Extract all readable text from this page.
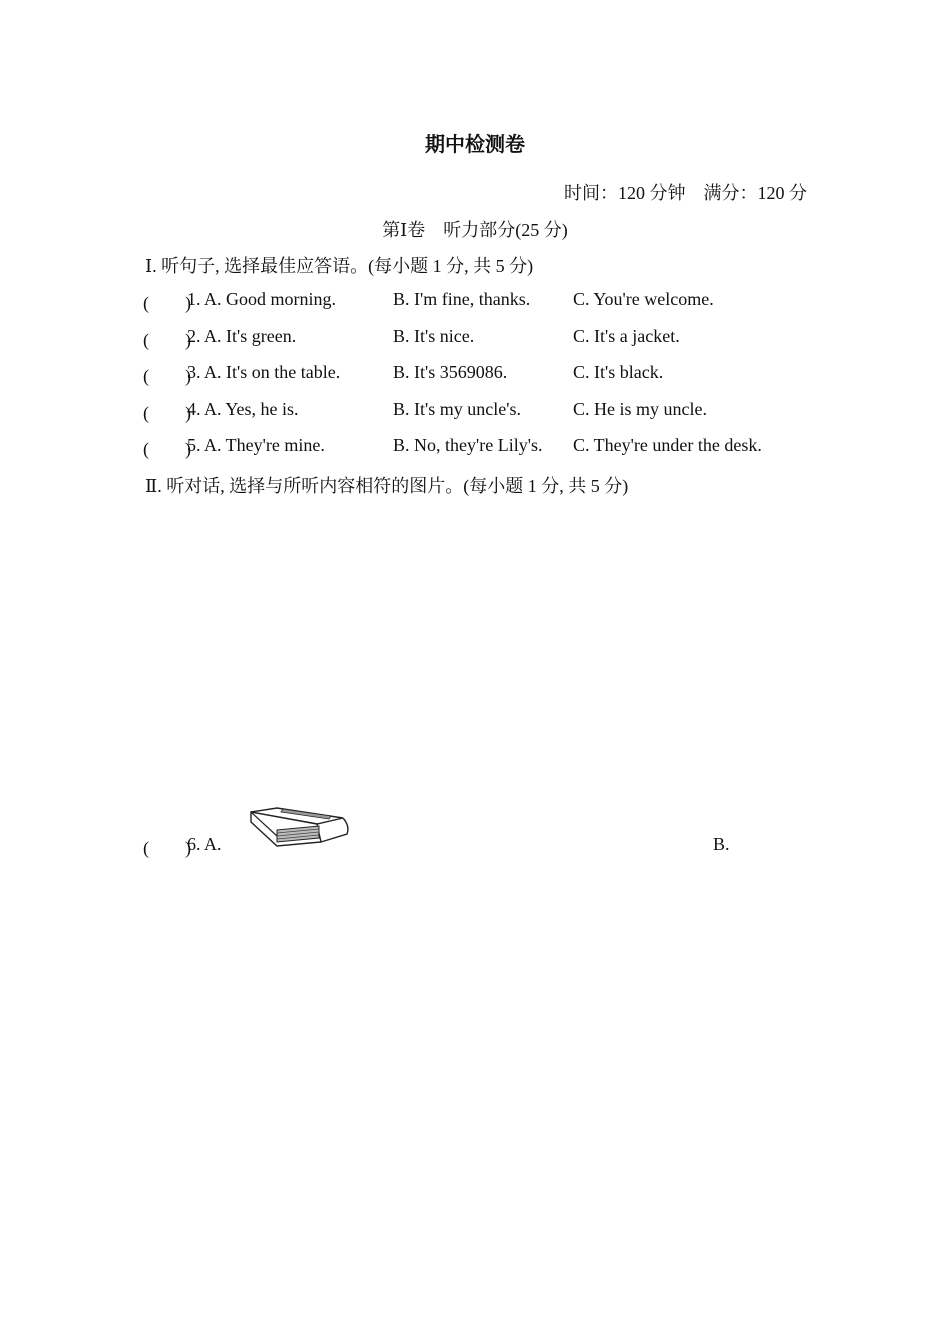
期中检测卷
时间：120 分钟　满分：120 分
第Ⅰ卷　听力部分(25 分)
Ⅰ. 听句子, 选择最佳应答语。(每小题 1 分, 共 5 分)
(　　)
1. A. Good morning.	B. I'm fine, thanks. C. You're welcome.
(　　)
2. A. It's green.	B. It's nice.	C. It's a jacket.
(　　)
3. A. It's on the table.	B. It's 3569086.	C. It's black.
(　　)
4. A. Yes, he is.	B. It's my uncle's.	C. He is my uncle.
(　　)
5. A. They're mine.	B. No, they're Lily's. C. They're under the desk.
Ⅱ. 听对话, 选择与所听内容相符的图片。(每小题 1 分, 共 5 分)
(　　)
6. A.	B.
